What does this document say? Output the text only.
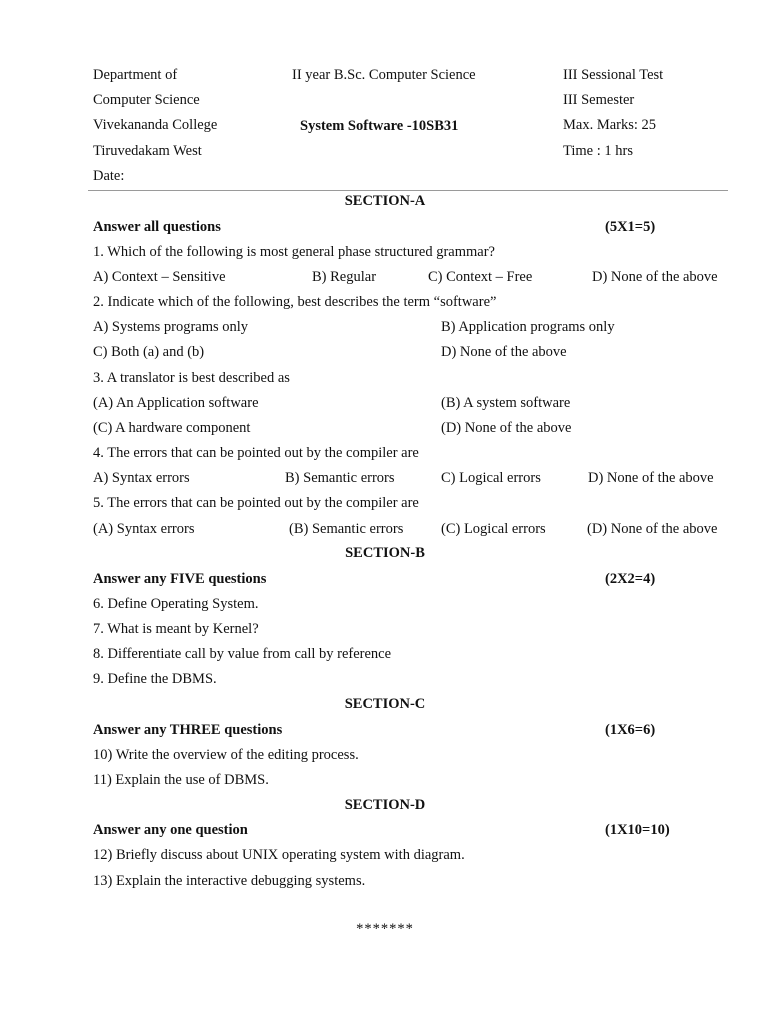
Department of
Computer Science
Vivekananda College
Tiruvedakam West
Date:
II year B.Sc. Computer Science
System Software -10SB31
III Sessional Test
III Semester
Max. Marks: 25
Time : 1 hrs
SECTION-A
Answer all questions	(5X1=5)
1. Which of the following is most general phase structured grammar?
A) Context – Sensitive	B) Regular	C) Context – Free	D) None of the above
2. Indicate which of the following, best describes the term “software”
A) Systems programs only	B) Application programs only
C) Both (a) and (b)	D) None of the above
3. A translator is best described as
(A) An Application software	(B) A system software
(C) A hardware component	(D) None of the above
4. The errors that can be pointed out by the compiler are
A) Syntax errors	B) Semantic errors	C) Logical errors	D) None of the above
5. The errors that can be pointed out by the compiler are
(A) Syntax errors	(B) Semantic errors	(C) Logical errors	(D) None of the above
SECTION-B
Answer any FIVE questions	(2X2=4)
6. Define Operating System.
7. What is meant by Kernel?
8. Differentiate call by value from call by reference
9. Define the DBMS.
SECTION-C
Answer any THREE questions	(1X6=6)
10) Write the overview of the editing process.
11) Explain the use of DBMS.
SECTION-D
Answer any one question	(1X10=10)
12) Briefly discuss about UNIX operating system with diagram.
13) Explain the interactive debugging systems.
*******
